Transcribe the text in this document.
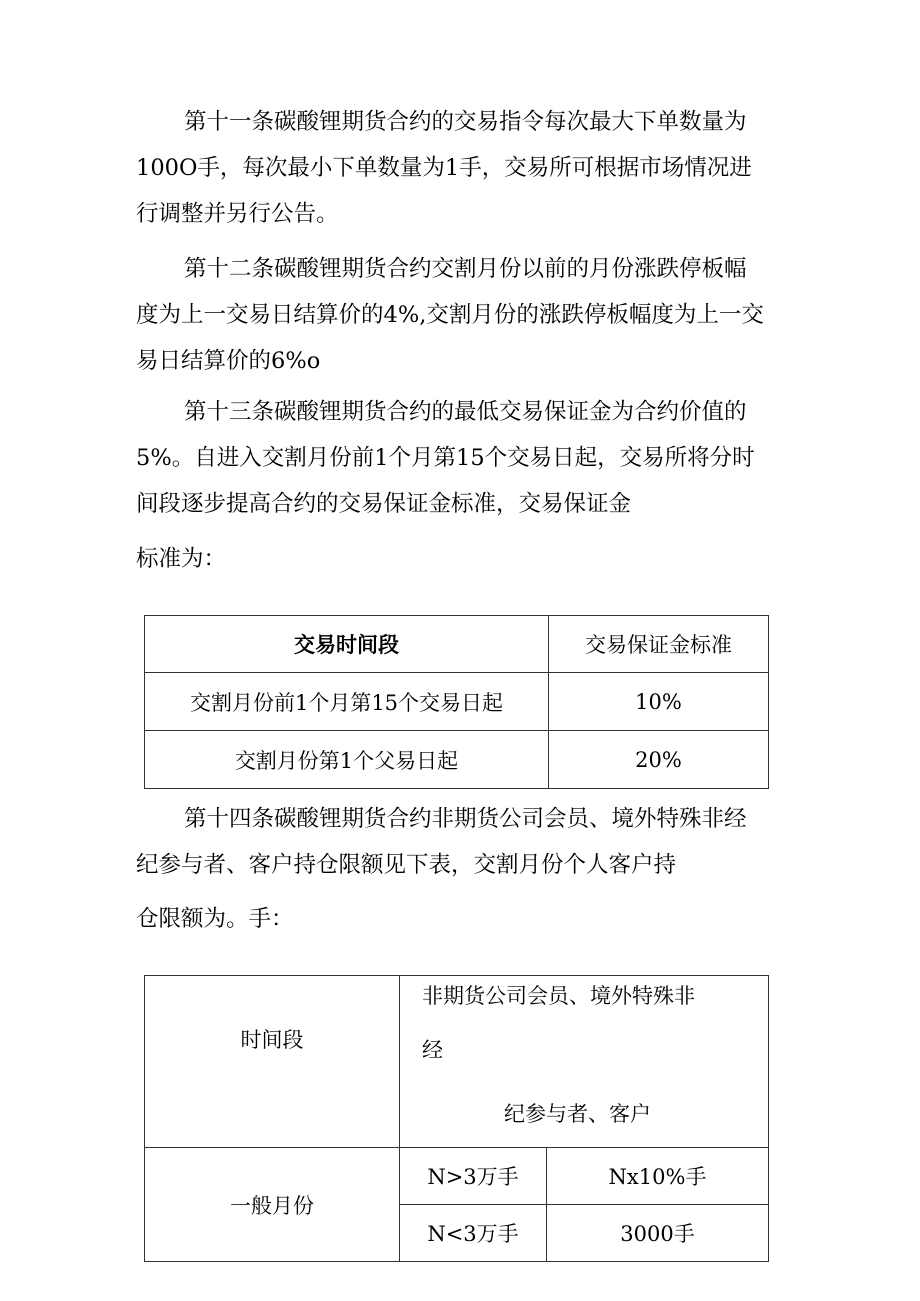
第十一条碳酸锂期货合约的交易指令每次最大下单数量为
100O手，每次最小下单数量为1手，交易所可根据市场情况进
行调整并另行公告。

第十二条碳酸锂期货合约交割月份以前的月份涨跌停板幅
度为上一交易日结算价的4%,交割月份的涨跌停板幅度为上一交
易日结算价的6%o

第十三条碳酸锂期货合约的最低交易保证金为合约价值的
5%。自进入交割月份前1个月第15个交易日起，交易所将分时
间段逐步提高合约的交易保证金标准，交易保证金

标准为：

交易时间段	交易保证金标准
交割月份前1个月第15个交易日起	10%
交割月份第1个父易日起	20%

第十四条碳酸锂期货合约非期货公司会员、境外特殊非经
纪参与者、客户持仓限额见下表，交割月份个人客户持

仓限额为。手：

时间段	非期货公司会员、境外特殊非
经
纪参与者、客户	

一般月份	N>3万手	Nx10%手
	N<3万手	3000手
